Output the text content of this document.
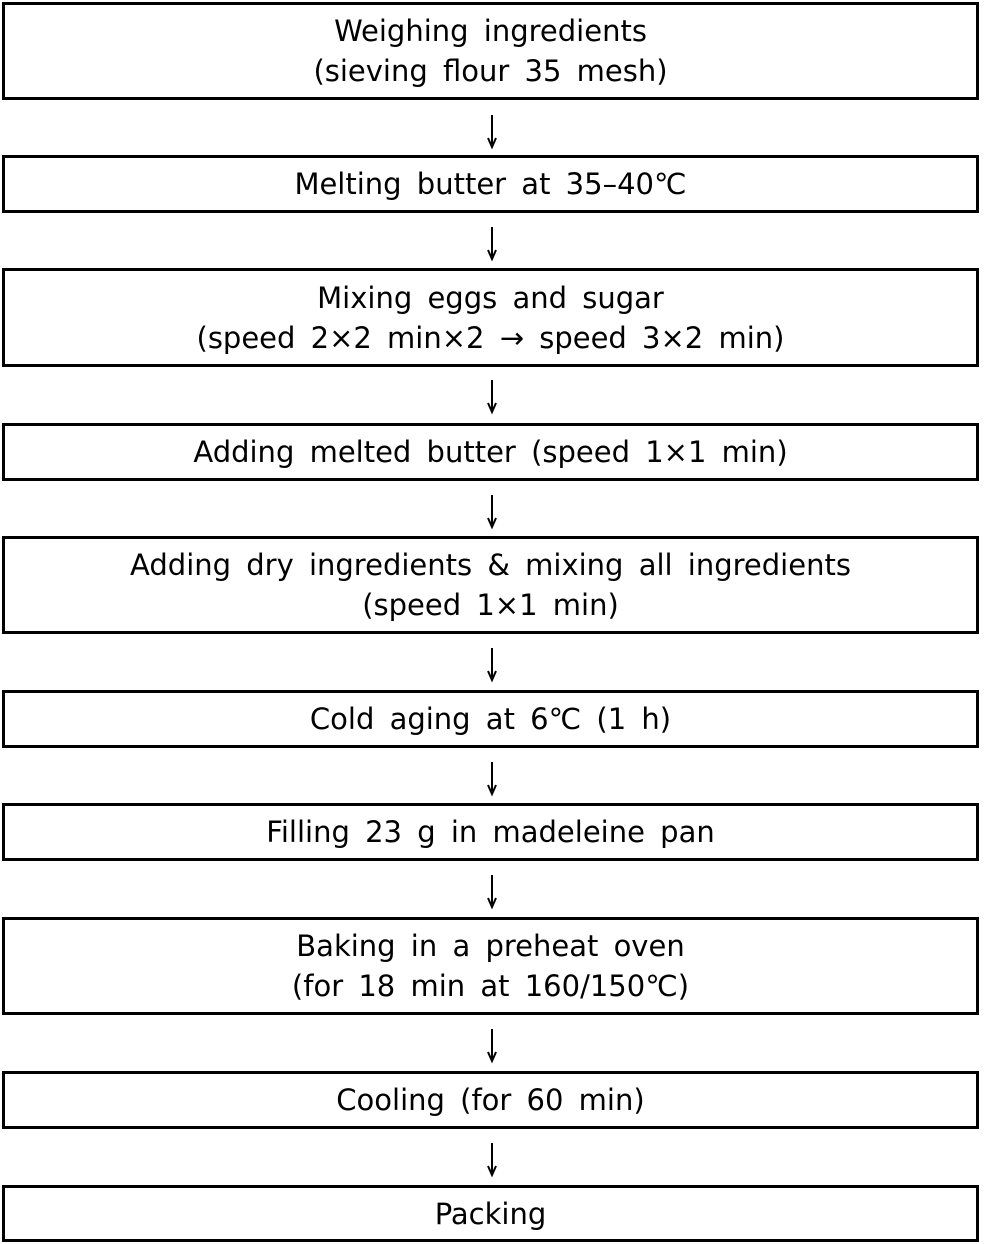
Weighing ingredients
(sieving flour 35 mesh)
Melting butter at 35–40℃
Mixing eggs and sugar
(speed 2×2 min×2 → speed 3×2 min)
Adding melted butter (speed 1×1 min)
Adding dry ingredients & mixing all ingredients
(speed 1×1 min)
Cold aging at 6℃ (1 h)
Filling 23 g in madeleine pan
Baking in a preheat oven
(for 18 min at 160/150℃)
Cooling (for 60 min)
Packing
